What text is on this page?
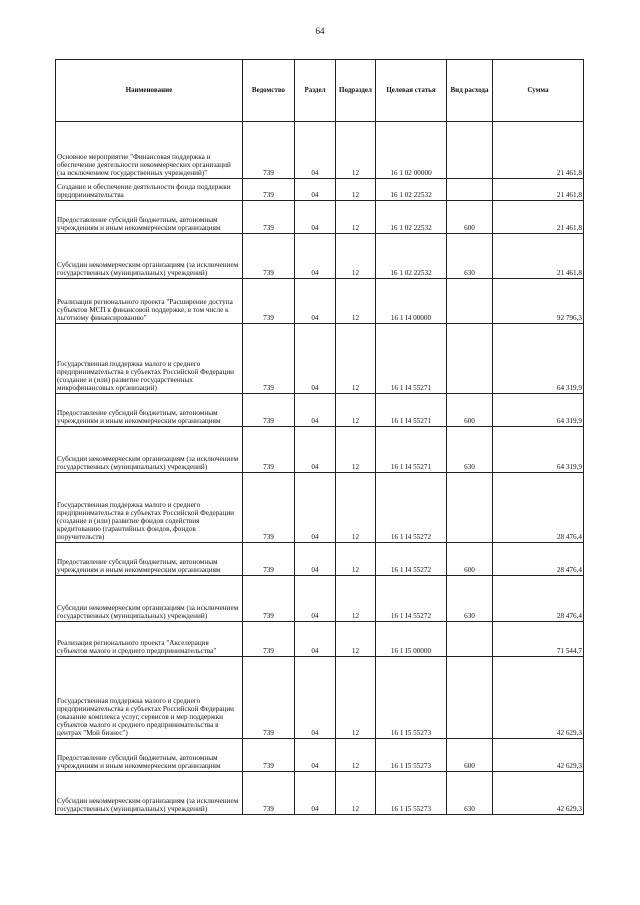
64
Наименование	Ведомство	Раздел	Подраздел	Целевая статья	Вид расхода	Сумма
Основное мероприятие "Финансовая поддержка и обеспечение деятельности некоммерческих организаций (за исключением государственных учреждений)"	739	04	12	16 1 02 00000		21 461,8
Создание и обеспечение деятельности фонда поддержки предпринимательства	739	04	12	16 1 02 22532		21 461,8
Предоставление субсидий бюджетным, автономным учреждениям и иным некоммерческим организациям	739	04	12	16 1 02 22532	600	21 461,8
Субсидии некоммерческим организациям (за исключением государственных (муниципальных) учреждений)	739	04	12	16 1 02 22532	630	21 461,8
Реализация регионального проекта "Расширение доступа субъектов МСП к финансовой поддержке, в том числе к льготному финансированию"	739	04	12	16 1 I4 00000		92 796,3
Государственная поддержка малого и среднего предпринимательства в субъектах Российской Федерации (создание и (или) развитие государственных микрофинансовых организаций)	739	04	12	16 1 I4 55271		64 319,9
Предоставление субсидий бюджетным, автономным учреждениям и иным некоммерческим организациям	739	04	12	16 1 I4 55271	600	64 319,9
Субсидии некоммерческим организациям (за исключением государственных (муниципальных) учреждений)	739	04	12	16 1 I4 55271	630	64 319,9
Государственная поддержка малого и среднего предпринимательства в субъектах Российской Федерации (создание и (или) развитие фондов содействия кредитованию (гарантийных фондов, фондов поручительств)	739	04	12	16 1 I4 55272		28 476,4
Предоставление субсидий бюджетным, автономным учреждениям и иным некоммерческим организациям	739	04	12	16 1 I4 55272	600	28 476,4
Субсидии некоммерческим организациям (за исключением государственных (муниципальных) учреждений)	739	04	12	16 1 I4 55272	630	28 476,4
Реализация регионального проекта "Акселерация субъектов малого и среднего предпринимательства"	739	04	12	16 1 I5 00000		71 544,7
Государственная поддержка малого и среднего предпринимательства в субъектах Российской Федерации (оказание комплекса услуг, сервисов и мер поддержки субъектов малого и среднего предпринимательства в центрах "Мой бизнес")	739	04	12	16 1 I5 55273		42 629,3
Предоставление субсидий бюджетным, автономным учреждениям и иным некоммерческим организациям	739	04	12	16 1 I5 55273	600	42 629,3
Субсидии некоммерческим организациям (за исключением государственных (муниципальных) учреждений)	739	04	12	16 1 I5 55273	630	42 629,3
